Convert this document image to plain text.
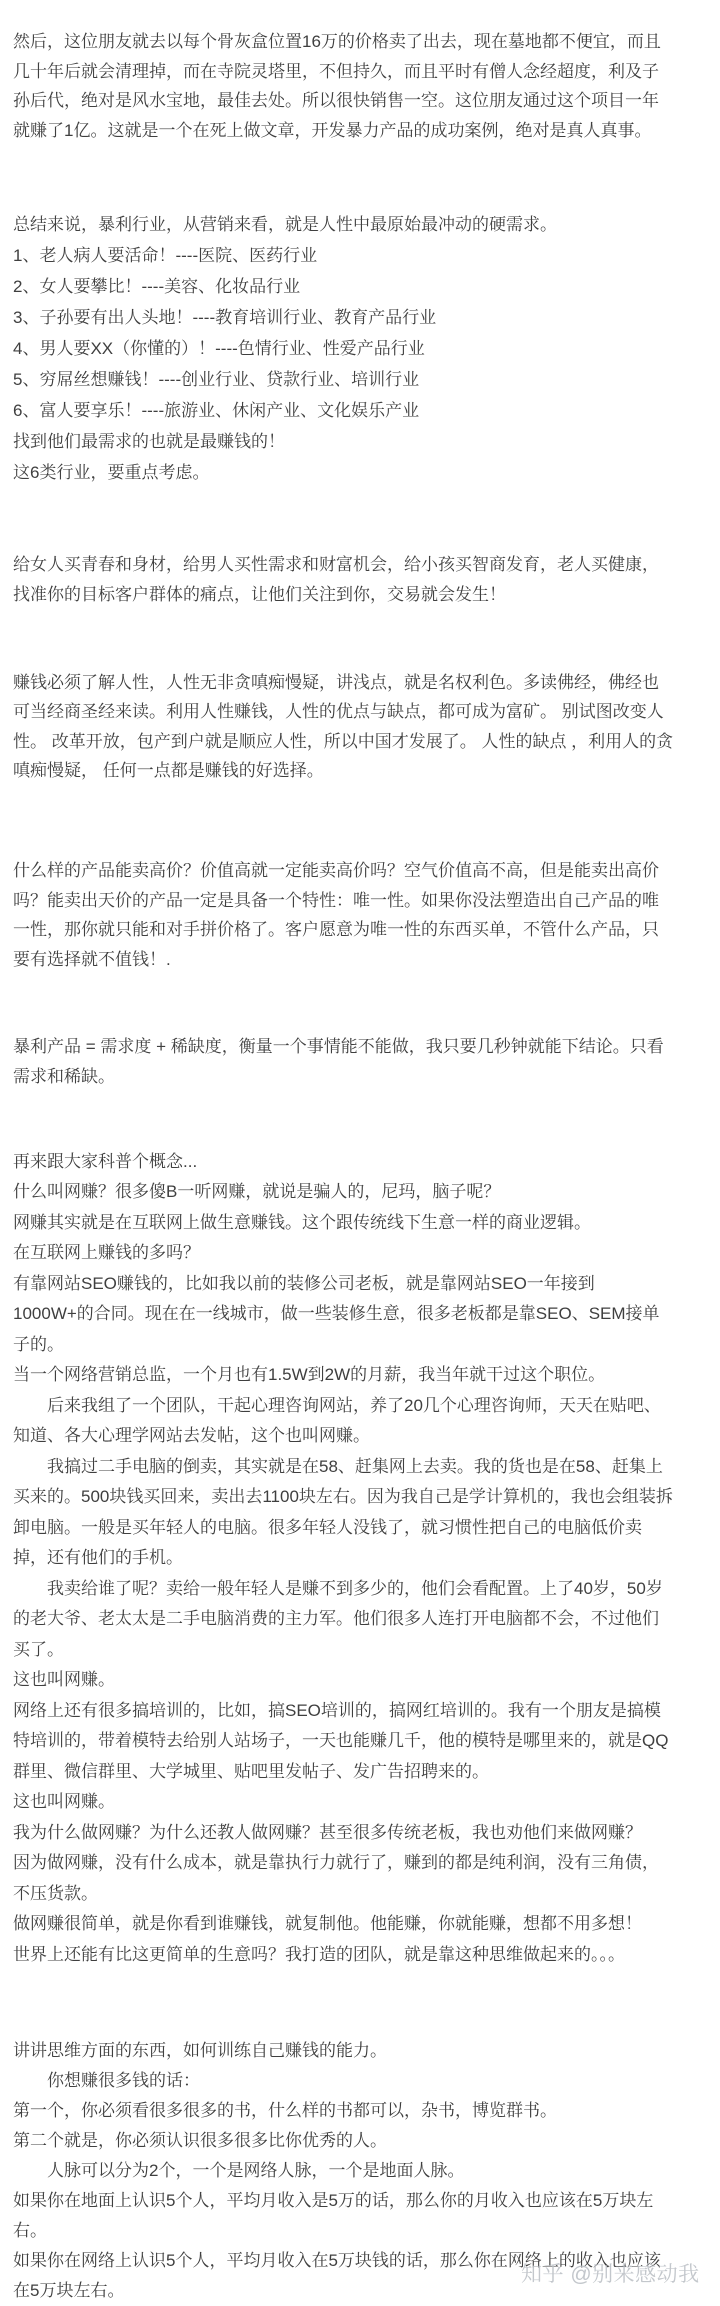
然后，这位朋友就去以每个骨灰盒位置16万的价格卖了出去，现在墓地都不便宜，而且
几十年后就会清理掉，而在寺院灵塔里，不但持久，而且平时有僧人念经超度，利及子
孙后代，绝对是风水宝地，最佳去处。所以很快销售一空。这位朋友通过这个项目一年
就赚了1亿。这就是一个在死上做文章，开发暴力产品的成功案例，绝对是真人真事。
总结来说，暴利行业，从营销来看，就是人性中最原始最冲动的硬需求。
1、老人病人要活命！----医院、医药行业
2、女人要攀比！----美容、化妆品行业
3、子孙要有出人头地！----教育培训行业、教育产品行业
4、男人要XX（你懂的）！----色情行业、性爱产品行业
5、穷屌丝想赚钱！----创业行业、贷款行业、培训行业
6、富人要享乐！----旅游业、休闲产业、文化娱乐产业
找到他们最需求的也就是最赚钱的！
这6类行业，要重点考虑。
给女人买青春和身材，给男人买性需求和财富机会，给小孩买智商发育，老人买健康，
找准你的目标客户群体的痛点，让他们关注到你，交易就会发生！
赚钱必须了解人性，人性无非贪嗔痴慢疑，讲浅点，就是名权利色。多读佛经，佛经也
可当经商圣经来读。利用人性赚钱，人性的优点与缺点，都可成为富矿。 别试图改变人
性。 改革开放，包产到户就是顺应人性，所以中国才发展了。 人性的缺点 ，利用人的贪
嗔痴慢疑， 任何一点都是赚钱的好选择。
什么样的产品能卖高价？价值高就一定能卖高价吗？空气价值高不高，但是能卖出高价
吗？能卖出天价的产品一定是具备一个特性：唯一性。如果你没法塑造出自己产品的唯
一性，那你就只能和对手拼价格了。客户愿意为唯一性的东西买单，不管什么产品，只
要有选择就不值钱！.
暴利产品 = 需求度 + 稀缺度，衡量一个事情能不能做，我只要几秒钟就能下结论。只看
需求和稀缺。
再来跟大家科普个概念...
什么叫网赚？很多傻B一听网赚，就说是骗人的，尼玛，脑子呢？
网赚其实就是在互联网上做生意赚钱。这个跟传统线下生意一样的商业逻辑。
在互联网上赚钱的多吗？
有靠网站SEO赚钱的，比如我以前的装修公司老板，就是靠网站SEO一年接到
1000W+的合同。现在在一线城市，做一些装修生意，很多老板都是靠SEO、SEM接单
子的。
当一个网络营销总监，一个月也有1.5W到2W的月薪，我当年就干过这个职位。
　　后来我组了一个团队，干起心理咨询网站，养了20几个心理咨询师，天天在贴吧、
知道、各大心理学网站去发帖，这个也叫网赚。
　　我搞过二手电脑的倒卖，其实就是在58、赶集网上去卖。我的货也是在58、赶集上
买来的。500块钱买回来，卖出去1100块左右。因为我自己是学计算机的，我也会组装拆
卸电脑。一般是买年轻人的电脑。很多年轻人没钱了，就习惯性把自己的电脑低价卖
掉，还有他们的手机。
　　我卖给谁了呢？卖给一般年轻人是赚不到多少的，他们会看配置。上了40岁，50岁
的老大爷、老太太是二手电脑消费的主力军。他们很多人连打开电脑都不会，不过他们
买了。
这也叫网赚。
网络上还有很多搞培训的，比如，搞SEO培训的，搞网红培训的。我有一个朋友是搞模
特培训的，带着模特去给别人站场子，一天也能赚几千，他的模特是哪里来的，就是QQ
群里、微信群里、大学城里、贴吧里发帖子、发广告招聘来的。
这也叫网赚。
我为什么做网赚？为什么还教人做网赚？甚至很多传统老板，我也劝他们来做网赚？
因为做网赚，没有什么成本，就是靠执行力就行了，赚到的都是纯利润，没有三角债，
不压货款。
做网赚很简单，就是你看到谁赚钱，就复制他。他能赚，你就能赚，想都不用多想！
世界上还能有比这更简单的生意吗？我打造的团队，就是靠这种思维做起来的。。。
讲讲思维方面的东西，如何训练自己赚钱的能力。
　　你想赚很多钱的话：
第一个，你必须看很多很多的书，什么样的书都可以，杂书，博览群书。
第二个就是，你必须认识很多很多比你优秀的人。
　　人脉可以分为2个，一个是网络人脉，一个是地面人脉。
如果你在地面上认识5个人，平均月收入是5万的话，那么你的月收入也应该在5万块左
右。
如果你在网络上认识5个人，平均月收入在5万块钱的话，那么你在网络上的收入也应该
在5万块左右。
知乎 @别来感动我
